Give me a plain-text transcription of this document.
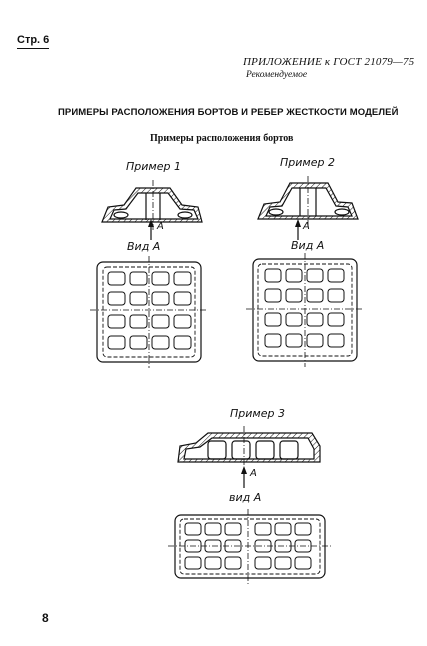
Стр. 6
ПРИЛОЖЕНИЕ к ГОСТ 21079—75
Рекомендуемое
ПРИМЕРЫ РАСПОЛОЖЕНИЯ БОРТОВ И РЕБЕР ЖЕСТКОСТИ МОДЕЛЕЙ
Примеры расположения бортов
Пример 1	Пример 2
Пример 3
Вид А	Вид А
вид А
А	А
А
8
